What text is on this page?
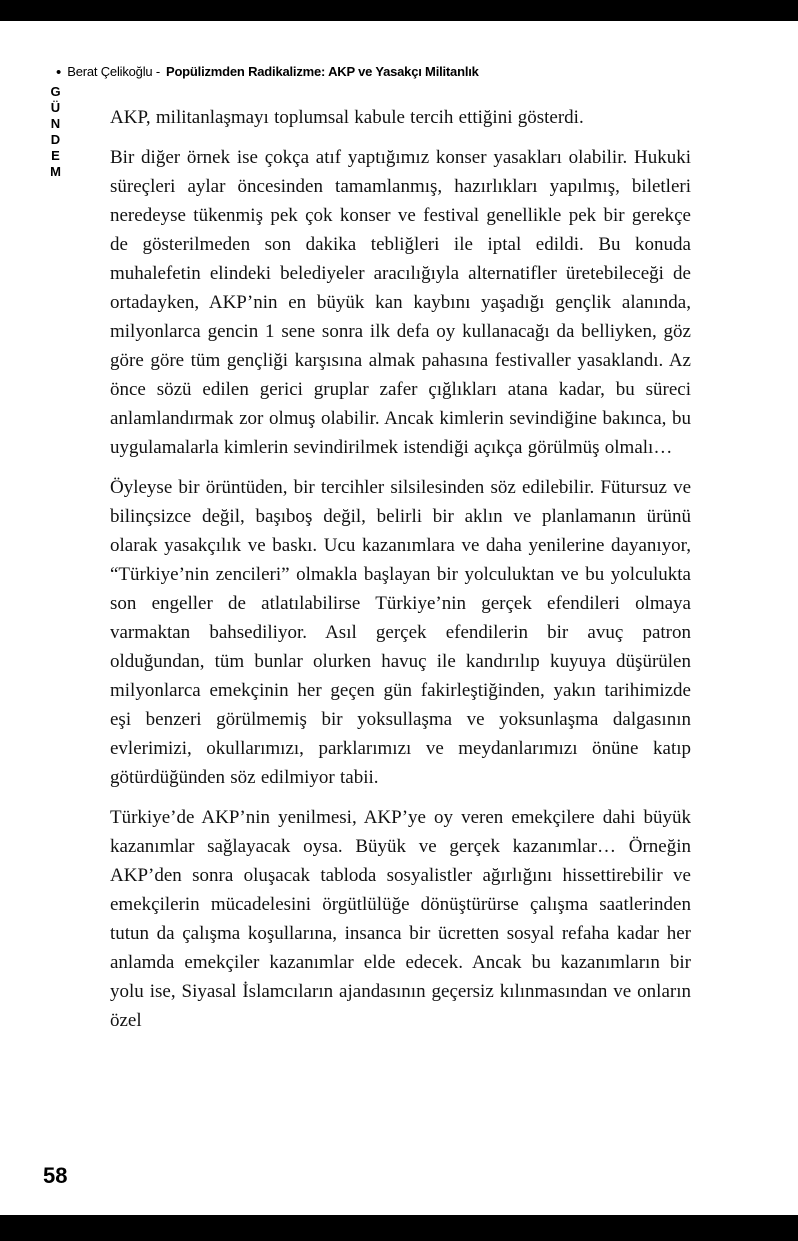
• Berat Çelikoğlu - Popülizmden Radikalizme: AKP ve Yasakçı Militanlık
GÜNDEM AKP, militanlaşmayı toplumsal kabule tercih ettiğini gösterdi.

Bir diğer örnek ise çokça atıf yaptığımız konser yasakları olabilir. Hukuki süreçleri aylar öncesinden tamamlanmış, hazırlıkları yapılmış, biletleri neredeyse tükenmiş pek çok konser ve festival genellikle pek bir gerekçe de gösterilmeden son dakika tebliğleri ile iptal edildi. Bu konuda muhalefetin elindeki belediyeler aracılığıyla alternatifler üretebileceği de ortadayken, AKP’nin en büyük kan kaybını yaşadığı gençlik alanında, milyonlarca gencin 1 sene sonra ilk defa oy kullanacağı da belliyken, göz göre göre tüm gençliği karşısına almak pahasına festivaller yasaklandı. Az önce sözü edilen gerici gruplar zafer çığlıkları atana kadar, bu süreci anlamlandırmak zor olmuş olabilir. Ancak kimlerin sevindiğine bakınca, bu uygulamalarla kimlerin sevindirilmek istendiği açıkça görülmüş olmalı…

Öyleyse bir örüntüden, bir tercihler silsilesinden söz edilebilir. Fütursuz ve bilinçsizce değil, başıboş değil, belirli bir aklın ve planlamanın ürünü olarak yasakçılık ve baskı. Ucu kazanımlara ve daha yenilerine dayanıyor, “Türkiye’nin zencileri” olmakla başlayan bir yolculuktan ve bu yolculukta son engeller de atlatılabilirse Türkiye’nin gerçek efendileri olmaya varmaktan bahsediliyor. Asıl gerçek efendilerin bir avuç patron olduğundan, tüm bunlar olurken havuç ile kandırılıp kuyuya düşürülen milyonlarca emekçinin her geçen gün fakirleştiğinden, yakın tarihimizde eşi benzeri görülmemiş bir yoksullaşma ve yoksunlaşma dalgasının evlerimizi, okullarımızı, parklarımızı ve meydanlarımızı önüne katıp götürdüğünden söz edilmiyor tabii.

Türkiye’de AKP’nin yenilmesi, AKP’ye oy veren emekçilere dahi büyük kazanımlar sağlayacak oysa. Büyük ve gerçek kazanımlar… Örneğin AKP’den sonra oluşacak tabloda sosyalistler ağırlığını hissettirebilir ve emekçilerin mücadelesini örgütlülüğe dönüştürürse çalışma saatlerinden tutun da çalışma koşullarına, insanca bir ücretten sosyal refaha kadar her anlamda emekçiler kazanımlar elde edecek. Ancak bu kazanımların bir yolu ise, Siyasal İslamcıların ajandasının geçersiz kılınmasından ve onların özel

58
